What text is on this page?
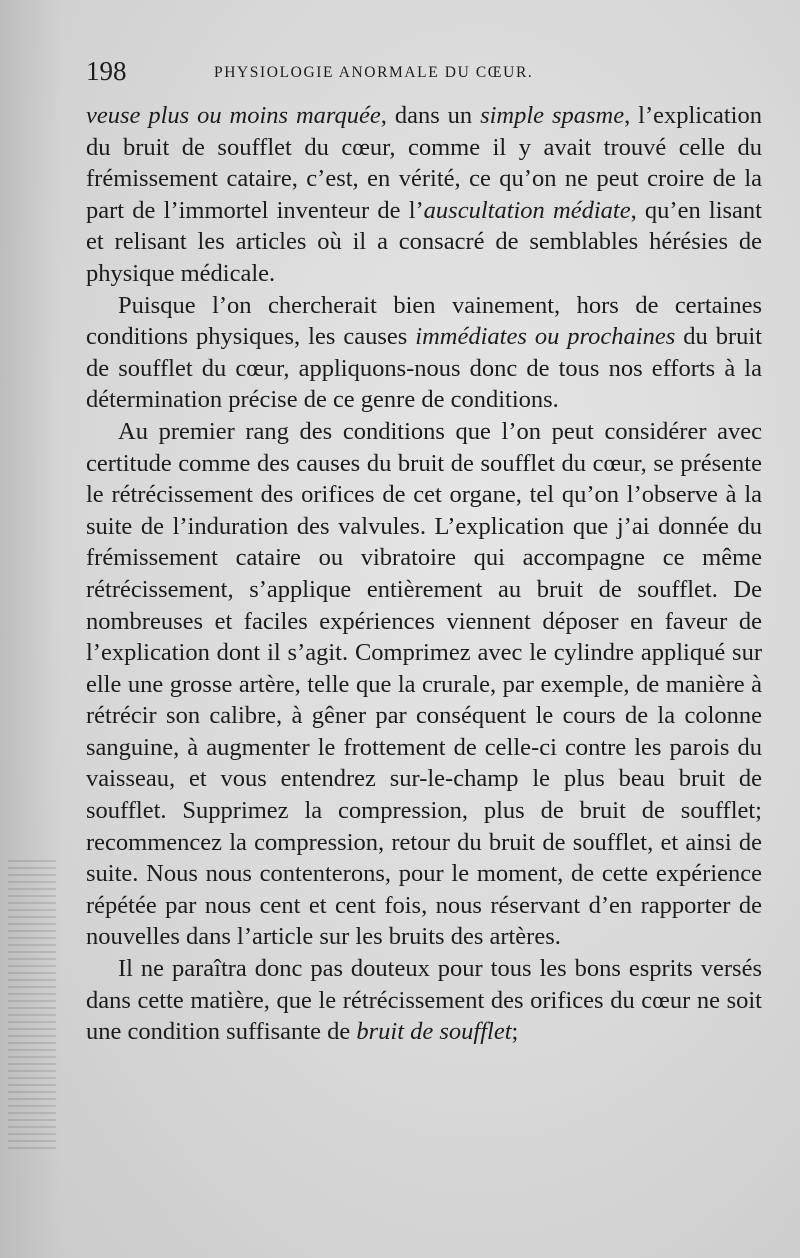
198	PHYSIOLOGIE ANORMALE DU CŒUR.

veuse plus ou moins marquée, dans un simple spasme, l’explication du bruit de soufflet du cœur, comme il y avait trouvé celle du frémissement cataire, c’est, en vérité, ce qu’on ne peut croire de la part de l’immortel inventeur de l’auscultation médiate, qu’en lisant et relisant les articles où il a consacré de semblables hérésies de physique médicale.

Puisque l’on chercherait bien vainement, hors de certaines conditions physiques, les causes immédiates ou prochaines du bruit de soufflet du cœur, appliquons-nous donc de tous nos efforts à la détermination précise de ce genre de conditions.

Au premier rang des conditions que l’on peut considérer avec certitude comme des causes du bruit de soufflet du cœur, se présente le rétrécissement des orifices de cet organe, tel qu’on l’observe à la suite de l’induration des valvules. L’explication que j’ai donnée du frémissement cataire ou vibratoire qui accompagne ce même rétrécissement, s’applique entièrement au bruit de soufflet. De nombreuses et faciles expériences viennent déposer en faveur de l’explication dont il s’agit. Comprimez avec le cylindre appliqué sur elle une grosse artère, telle que la crurale, par exemple, de manière à rétrécir son calibre, à gêner par conséquent le cours de la colonne sanguine, à augmenter le frottement de celle-ci contre les parois du vaisseau, et vous entendrez sur-le-champ le plus beau bruit de soufflet. Supprimez la compression, plus de bruit de soufflet; recommencez la compression, retour du bruit de soufflet, et ainsi de suite. Nous nous contenterons, pour le moment, de cette expérience répétée par nous cent et cent fois, nous réservant d’en rapporter de nouvelles dans l’article sur les bruits des artères.

Il ne paraîtra donc pas douteux pour tous les bons esprits versés dans cette matière, que le rétrécissement des orifices du cœur ne soit une condition suffisante de bruit de soufflet;
